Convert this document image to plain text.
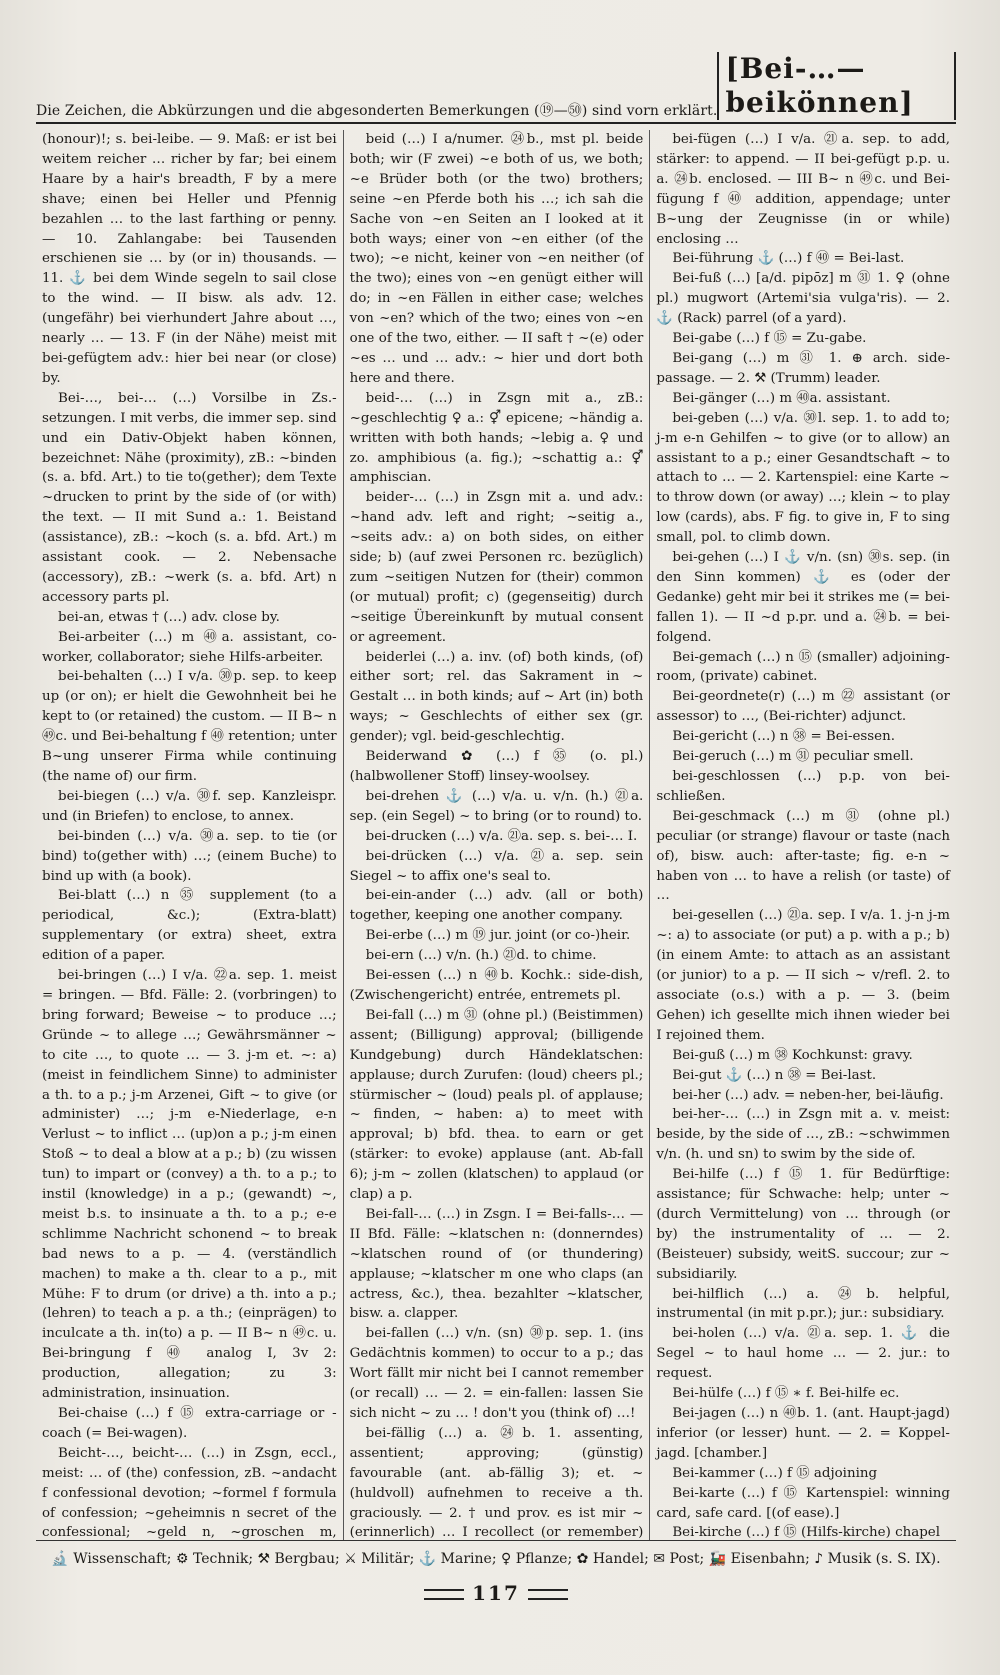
Die Zeichen, die Abkürzungen und die abgesonderten Bemerkungen (⑲—㊿) sind vorn erklärt.
[Bei-…—beikönnen]

(honour)!; s. bei-leibe. — 9. Maß: er ist bei weitem reicher … richer by far; bei einem Haare by a hair's breadth, F by a mere shave; einen bei Heller und Pfennig bezahlen … to the last farthing or penny. — 10. Zahlangabe: bei Tausenden erschienen sie … by (or in) thousands. — 11. ⚓ bei dem Winde segeln to sail close to the wind. — II bisw. als adv. 12. (ungefähr) bei vierhundert Jahre about …, nearly … — 13. F (in der Nähe) meist mit bei-gefügtem adv.: hier bei near (or close) by.

Bei-…, bei-… (…) Vorsilbe in Zs.-setzungen. I mit verbs, die immer sep. sind und ein Dativ-Objekt haben können, bezeichnet: Nähe (proximity), zB.: ~binden (s. a. bfd. Art.) to tie to(gether); dem Texte ~drucken to print by the side of (or with) the text. — II mit Sund a.: 1. Beistand (assistance), zB.: ~koch (s. a. bfd. Art.) m assistant cook. — 2. Nebensache (accessory), zB.: ~werk (s. a. bfd. Art) n accessory parts pl.

bei-an, etwas † (…) adv. close by.

Bei-arbeiter (…) m ㊵a. assistant, co-worker, collaborator; siehe Hilfs-arbeiter.

bei-behalten (…) I v/a. ㉚p. sep. to keep up (or on); er hielt die Gewohnheit bei he kept to (or retained) the custom. — II B~ n ㊾c. und Bei-behaltung f ㊵ retention; unter B~ung unserer Firma while continuing (the name of) our firm.

bei-biegen (…) v/a. ㉚f. sep. Kanzleispr. und (in Briefen) to enclose, to annex.

bei-binden (…) v/a. ㉚a. sep. to tie (or bind) to(gether with) …; (einem Buche) to bind up with (a book).

Bei-blatt (…) n ㉟ supplement (to a periodical, &c.); (Extra-blatt) supplementary (or extra) sheet, extra edition of a paper.

bei-bringen (…) I v/a. ㉒a. sep. 1. meist = bringen. — Bfd. Fälle: 2. (vorbringen) to bring forward; Beweise ~ to produce …; Gründe ~ to allege …; Gewährsmänner ~ to cite …, to quote … — 3. j-m et. ~: a) (meist in feindlichem Sinne) to administer a th. to a p.; j-m Arzenei, Gift ~ to give (or administer) …; j-m e-Niederlage, e-n Verlust ~ to inflict … (up)on a p.; j-m einen Stoß ~ to deal a blow at a p.; b) (zu wissen tun) to impart or (convey) a th. to a p.; to instil (knowledge) in a p.; (gewandt) ~, meist b.s. to insinuate a th. to a p.; e-e schlimme Nachricht schonend ~ to break bad news to a p. — 4. (verständlich machen) to make a th. clear to a p., mit Mühe: F to drum (or drive) a th. into a p.; (lehren) to teach a p. a th.; (einprägen) to inculcate a th. in(to) a p. — II B~ n ㊾c. u. Bei-bringung f ㊵ analog I, 3v 2: production, allegation; zu 3: administration, insinuation.

Bei-chaise (…) f ⑮ extra-carriage or -coach (= Bei-wagen).

Beicht-…, beicht-… (…) in Zsgn, eccl., meist: … of (the) confession, zB. ~andacht f confessional devotion; ~formel f formula of confession; ~geheimnis n secret of the confessional; ~geld n, ~groschen m,

beid (…) I a/numer. ㉔b., mst pl. beide both; wir (F zwei) ~e both of us, we both; ~e Brüder both (or the two) brothers; seine ~en Pferde both his …; ich sah die Sache von ~en Seiten an I looked at it both ways; einer von ~en either (of the two); ~e nicht, keiner von ~en neither (of the two); eines von ~en genügt either will do; in ~en Fällen in either case; welches von ~en? which of the two; eines von ~en one of the two, either. — II saft † ~(e) oder ~es … und … adv.: ~ hier und dort both here and there.

beid-… (…) in Zsgn mit a., zB.: ~geschlechtig ♀ a.: ⚥ epicene; ~händig a. written with both hands; ~lebig a. ♀ und zo. amphibious (a. fig.); ~schattig a.: ⚥ amphiscian.

beider-… (…) in Zsgn mit a. und adv.: ~hand adv. left and right; ~seitig a., ~seits adv.: a) on both sides, on either side; b) (auf zwei Personen rc. bezüglich) zum ~seitigen Nutzen for (their) common (or mutual) profit; c) (gegenseitig) durch ~seitige Übereinkunft by mutual consent or agreement.

beiderlei (…) a. inv. (of) both kinds, (of) either sort; rel. das Sakrament in ~ Gestalt … in both kinds; auf ~ Art (in) both ways; ~ Geschlechts of either sex (gr. gender); vgl. beid-geschlechtig.

Beiderwand ✿ (…) f ㉟ (o. pl.) (halbwollener Stoff) linsey-woolsey.

bei-drehen ⚓ (…) v/a. u. v/n. (h.) ㉑a. sep. (ein Segel) ~ to bring (or to round) to.

bei-drucken (…) v/a. ㉑a. sep. s. bei-… I.

bei-drücken (…) v/a. ㉑a. sep. sein Siegel ~ to affix one's seal to.

bei-ein-ander (…) adv. (all or both) together, keeping one another company.

Bei-erbe (…) m ⑲ jur. joint (or co-)heir.

bei-ern (…) v/n. (h.) ㉑d. to chime.

Bei-essen (…) n ㊵b. Kochk.: side-dish, (Zwischengericht) entrée, entremets pl.

Bei-fall (…) m ㉛ (ohne pl.) (Beistimmen) assent; (Billigung) approval; (billigende Kundgebung) durch Händeklatschen: applause; durch Zurufen: (loud) cheers pl.; stürmischer ~ (loud) peals pl. of applause; ~ finden, ~ haben: a) to meet with approval; b) bfd. thea. to earn or get (stärker: to evoke) applause (ant. Ab-fall 6); j-m ~ zollen (klatschen) to applaud (or clap) a p.

Bei-fall-… (…) in Zsgn. I = Bei-falls-… — II Bfd. Fälle: ~klatschen n: (donnerndes) ~klatschen round of (or thundering) applause; ~klatscher m one who claps (an actress, &c.), thea. bezahlter ~klatscher, bisw. a. clapper.

bei-fallen (…) v/n. (sn) ㉚p. sep. 1. (ins Gedächtnis kommen) to occur to a p.; das Wort fällt mir nicht bei I cannot remember (or recall) … — 2. = ein-fallen: lassen Sie sich nicht ~ zu … ! don't you (think of) …!

bei-fällig (…) a. ㉔b. 1. assenting, assentient; approving; (günstig) favourable (ant. ab-fällig 3); et. ~ (huldvoll) aufnehmen to receive a th. graciously. — 2. † und prov. es ist mir ~ (erinnerlich) … I recollect (or remember)

bei-fügen (…) I v/a. ㉑a. sep. to add, stärker: to append. — II bei-gefügt p.p. u. a. ㉔b. enclosed. — III B~ n ㊾c. und Bei-fügung f ㊵ addition, appendage; unter B~ung der Zeugnisse (in or while) enclosing …

Bei-führung ⚓ (…) f ㊵ = Bei-last.

Bei-fuß (…) [a/d. pipōz] m ㉛ 1. ♀ (ohne pl.) mugwort (Artemi'sia vulga'ris). — 2. ⚓ (Rack) parrel (of a yard).

Bei-gabe (…) f ⑮ = Zu-gabe.

Bei-gang (…) m ㉛ 1. ⊕ arch. side-passage. — 2. ⚒ (Trumm) leader.

Bei-gänger (…) m ㊵a. assistant.

bei-geben (…) v/a. ㉚l. sep. 1. to add to; j-m e-n Gehilfen ~ to give (or to allow) an assistant to a p.; einer Gesandtschaft ~ to attach to … — 2. Kartenspiel: eine Karte ~ to throw down (or away) …; klein ~ to play low (cards), abs. F fig. to give in, F to sing small, pol. to climb down.

bei-gehen (…) I ⚓ v/n. (sn) ㉚s. sep. (in den Sinn kommen) ⚓ es (oder der Gedanke) geht mir bei it strikes me (= bei-fallen 1). — II ~d p.pr. und a. ㉔b. = bei-folgend.

Bei-gemach (…) n ⑮ (smaller) adjoining-room, (private) cabinet.

Bei-geordnete(r) (…) m ㉒ assistant (or assessor) to …, (Bei-richter) adjunct.

Bei-gericht (…) n ㊳ = Bei-essen.

Bei-geruch (…) m ㉛ peculiar smell.

bei-geschlossen (…) p.p. von bei-schließen.

Bei-geschmack (…) m ㉛ (ohne pl.) peculiar (or strange) flavour or taste (nach of), bisw. auch: after-taste; fig. e-n ~ haben von … to have a relish (or taste) of …

bei-gesellen (…) ㉑a. sep. I v/a. 1. j-n j-m ~: a) to associate (or put) a p. with a p.; b) (in einem Amte: to attach as an assistant (or junior) to a p. — II sich ~ v/refl. 2. to associate (o.s.) with a p. — 3. (beim Gehen) ich gesellte mich ihnen wieder bei I rejoined them.

Bei-guß (…) m ㊳ Kochkunst: gravy.

Bei-gut ⚓ (…) n ㊳ = Bei-last.

bei-her (…) adv. = neben-her, bei-läufig.

bei-her-… (…) in Zsgn mit a. v. meist: beside, by the side of …, zB.: ~schwimmen v/n. (h. und sn) to swim by the side of.

Bei-hilfe (…) f ⑮ 1. für Bedürftige: assistance; für Schwache: help; unter ~ (durch Vermittelung) von … through (or by) the instrumentality of … — 2. (Beisteuer) subsidy, weitS. succour; zur ~ subsidiarily.

bei-hilflich (…) a. ㉔b. helpful, instrumental (in mit p.pr.); jur.: subsidiary.

bei-holen (…) v/a. ㉑a. sep. 1. ⚓ die Segel ~ to haul home … — 2. jur.: to request.

Bei-hülfe (…) f ⑮ ∗ f. Bei-hilfe ec.

Bei-jagen (…) n ㊵b. 1. (ant. Haupt-jagd) inferior (or lesser) hunt. — 2. = Koppel-jagd. [chamber.]

Bei-kammer (…) f ⑮ adjoining

Bei-karte (…) f ⑮ Kartenspiel: winning card, safe card. [(of ease).]

Bei-kirche (…) f ⑮ (Hilfs-kirche) chapel

🔬 Wissenschaft; ⚙ Technik; ⚒ Bergbau; ⚔ Militär; ⚓ Marine; ♀ Pflanze; ✿ Handel; ✉ Post; 🚂 Eisenbahn; ♪ Musik (s. S. IX).
117
